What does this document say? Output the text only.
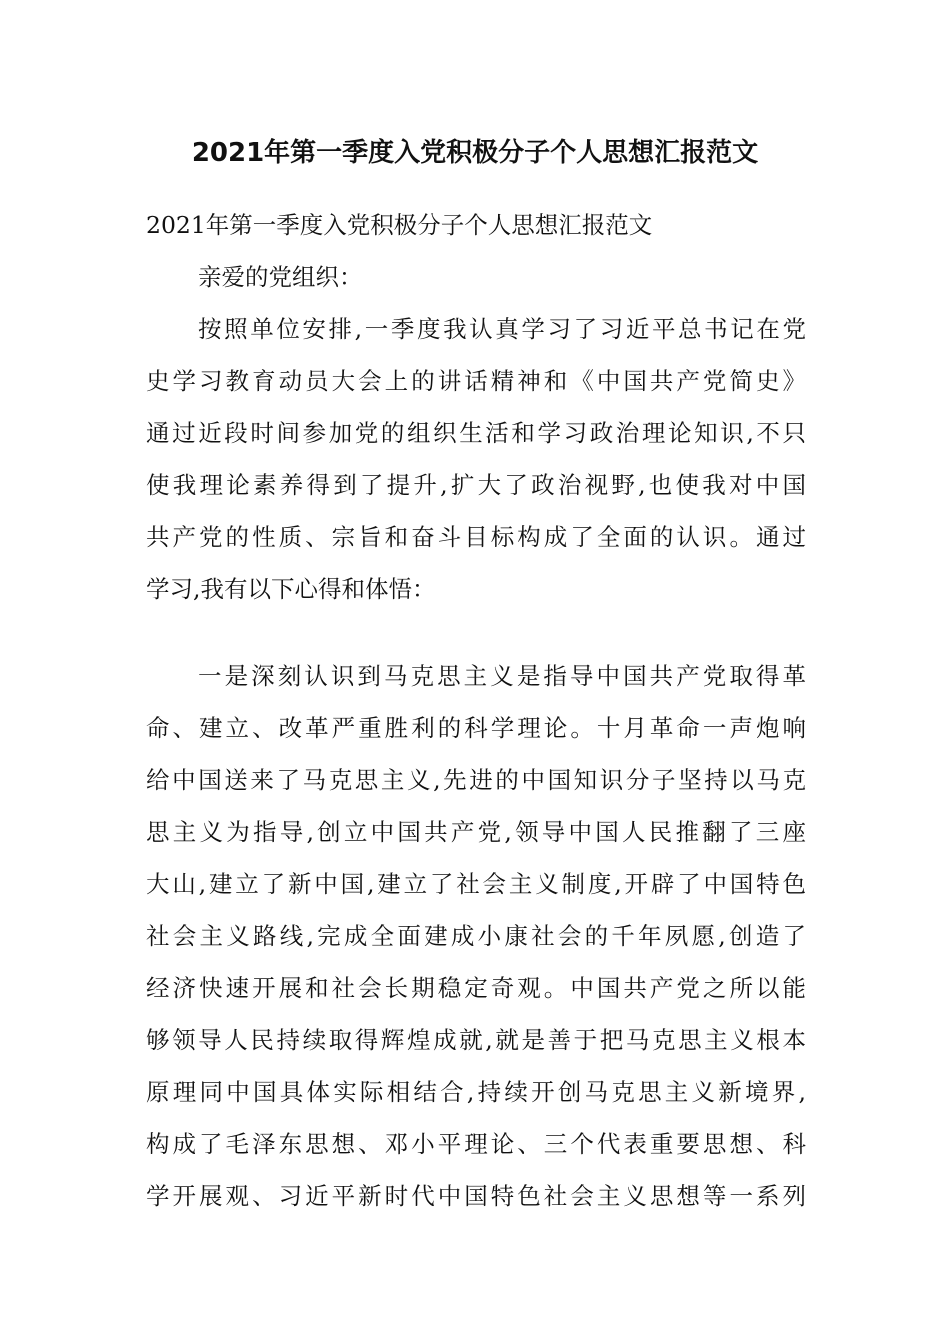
2021年第一季度入党积极分子个人思想汇报范文
2021年第一季度入党积极分子个人思想汇报范文
亲爱的党组织：
按照单位安排,一季度我认真学习了习近平总书记在党
史学习教育动员大会上的讲话精神和《中国共产党简史》
通过近段时间参加党的组织生活和学习政治理论知识,不只
使我理论素养得到了提升,扩大了政治视野,也使我对中国
共产党的性质、宗旨和奋斗目标构成了全面的认识。通过
学习,我有以下心得和体悟：
一是深刻认识到马克思主义是指导中国共产党取得革
命、建立、改革严重胜利的科学理论。十月革命一声炮响
给中国送来了马克思主义,先进的中国知识分子坚持以马克
思主义为指导,创立中国共产党,领导中国人民推翻了三座
大山,建立了新中国,建立了社会主义制度,开辟了中国特色
社会主义路线,完成全面建成小康社会的千年夙愿,创造了
经济快速开展和社会长期稳定奇观。中国共产党之所以能
够领导人民持续取得辉煌成就,就是善于把马克思主义根本
原理同中国具体实际相结合,持续开创马克思主义新境界,
构成了毛泽东思想、邓小平理论、三个代表重要思想、科
学开展观、习近平新时代中国特色社会主义思想等一系列
